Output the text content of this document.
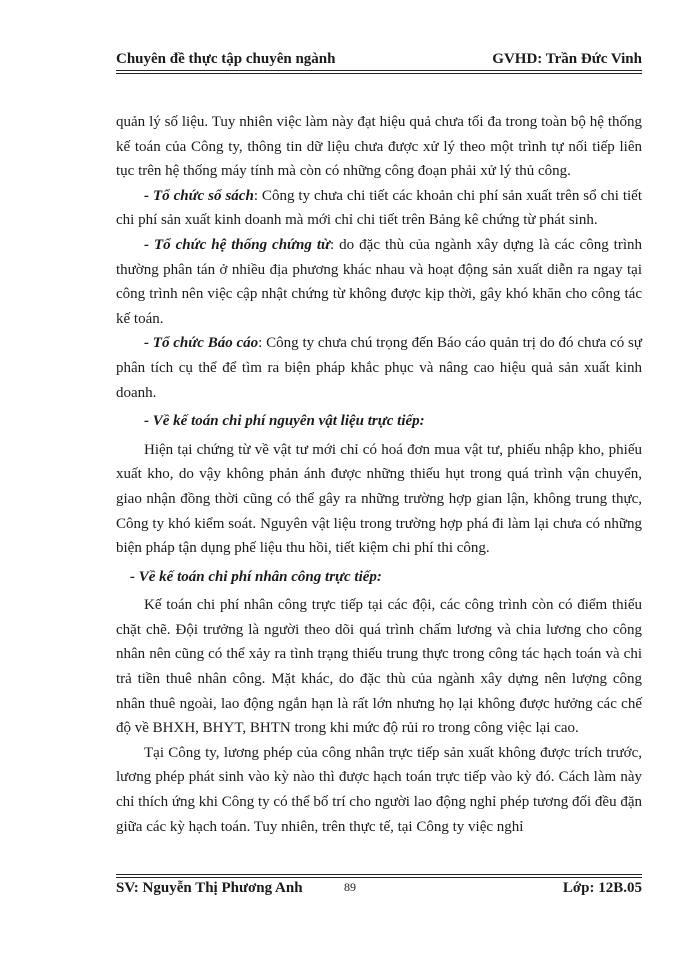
Chuyên đề thực tập chuyên ngành	GVHD: Trần Đức Vinh

quản lý số liệu. Tuy nhiên việc làm này đạt hiệu quả chưa tối đa trong toàn bộ hệ thống kế toán của Công ty, thông tin dữ liệu chưa được xử lý theo một trình tự nối tiếp liên tục trên hệ thống máy tính mà còn có những công đoạn phải xử lý thủ công.

- Tổ chức sổ sách: Công ty chưa chi tiết các khoản chi phí sản xuất trên sổ chi tiết chi phí sản xuất kinh doanh mà mới chỉ chi tiết trên Bảng kê chứng từ phát sinh.

- Tổ chức hệ thống chứng từ: do đặc thù của ngành xây dựng là các công trình thường phân tán ở nhiều địa phương khác nhau và hoạt động sản xuất diễn ra ngay tại công trình nên việc cập nhật chứng từ không được kịp thời, gây khó khăn cho công tác kế toán.

- Tổ chức Báo cáo: Công ty chưa chú trọng đến Báo cáo quản trị do đó chưa có sự phân tích cụ thể để tìm ra biện pháp khắc phục và nâng cao hiệu quả sản xuất kinh doanh.

- Về kế toán chi phí nguyên vật liệu trực tiếp:

Hiện tại chứng từ về vật tư mới chỉ có hoá đơn mua vật tư, phiếu nhập kho, phiếu xuất kho, do vậy không phản ánh được những thiếu hụt trong quá trình vận chuyển, giao nhận đồng thời cũng có thể gây ra những trường hợp gian lận, không trung thực, Công ty khó kiểm soát. Nguyên vật liệu trong trường hợp phá đi làm lại chưa có những biện pháp tận dụng phế liệu thu hồi, tiết kiệm chi phí thi công.

- Về kế toán chi phí nhân công trực tiếp:

Kế toán chi phí nhân công trực tiếp tại các đội, các công trình còn có điểm thiếu chặt chẽ. Đội trưởng là người theo dõi quá trình chấm lương và chia lương cho công nhân nên cũng có thể xảy ra tình trạng thiếu trung thực trong công tác hạch toán và chi trả tiền thuê nhân công. Mặt khác, do đặc thù của ngành xây dựng nên lượng công nhân thuê ngoài, lao động ngắn hạn là rất lớn nhưng họ lại không được hưởng các chế độ về BHXH, BHYT, BHTN trong khi mức độ rủi ro trong công việc lại cao.

Tại Công ty, lương phép của công nhân trực tiếp sản xuất không được trích trước, lương phép phát sinh vào kỳ nào thì được hạch toán trực tiếp vào kỳ đó. Cách làm này chỉ thích ứng khi Công ty có thể bố trí cho người lao động nghỉ phép tương đối đều đặn giữa các kỳ hạch toán. Tuy nhiên, trên thực tế, tại Công ty việc nghỉ

SV: Nguyễn Thị Phương Anh	Lớp: 12B.05
89
